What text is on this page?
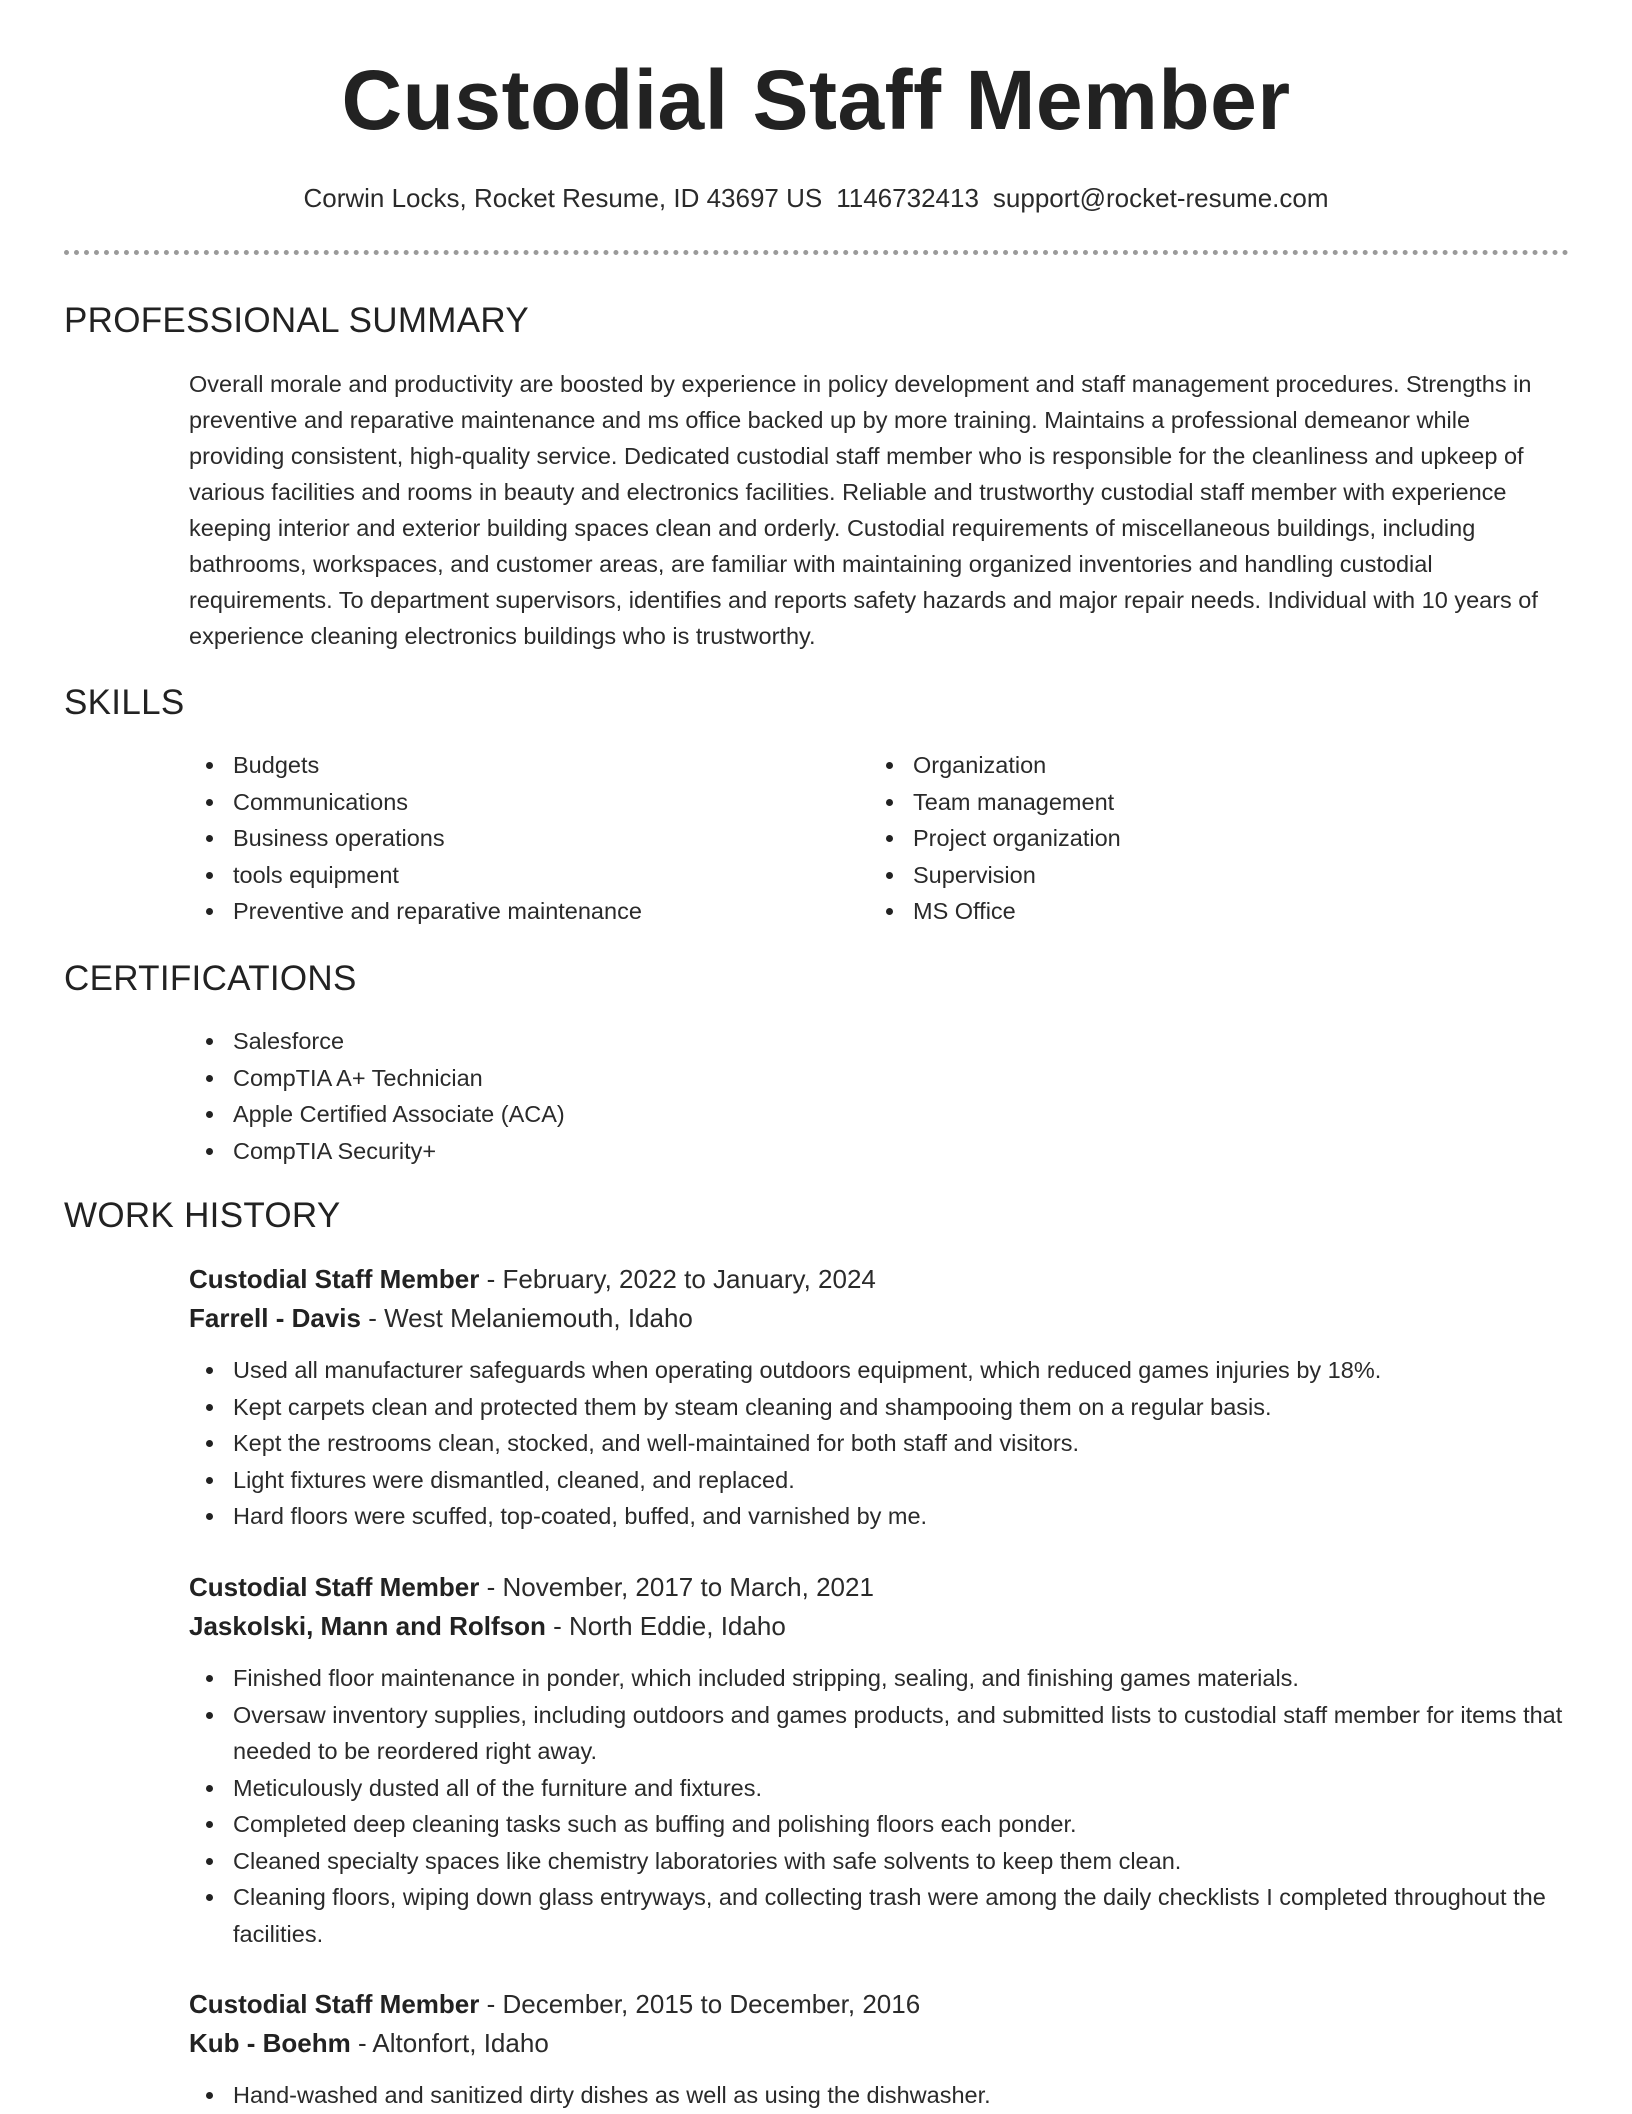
Custodial Staff Member
Corwin Locks, Rocket Resume, ID 43697 US 1146732413 support@rocket-resume.com
PROFESSIONAL SUMMARY

Overall morale and productivity are boosted by experience in policy development and staff management procedures. Strengths in preventive and reparative maintenance and ms office backed up by more training. Maintains a professional demeanor while providing consistent, high-quality service. Dedicated custodial staff member who is responsible for the cleanliness and upkeep of various facilities and rooms in beauty and electronics facilities. Reliable and trustworthy custodial staff member with experience keeping interior and exterior building spaces clean and orderly. Custodial requirements of miscellaneous buildings, including bathrooms, workspaces, and customer areas, are familiar with maintaining organized inventories and handling custodial requirements. To department supervisors, identifies and reports safety hazards and major repair needs. Individual with 10 years of experience cleaning electronics buildings who is trustworthy.

SKILLS
Budgets
Communications
Business operations
tools equipment
Preventive and reparative maintenance
Organization
Team management
Project organization
Supervision
MS Office
CERTIFICATIONS
Salesforce
CompTIA A+ Technician
Apple Certified Associate (ACA)
CompTIA Security+
WORK HISTORY
Custodial Staff Member - February, 2022 to January, 2024
Farrell - Davis - West Melaniemouth, Idaho
Used all manufacturer safeguards when operating outdoors equipment, which reduced games injuries by 18%.
Kept carpets clean and protected them by steam cleaning and shampooing them on a regular basis.
Kept the restrooms clean, stocked, and well-maintained for both staff and visitors.
Light fixtures were dismantled, cleaned, and replaced.
Hard floors were scuffed, top-coated, buffed, and varnished by me.
Custodial Staff Member - November, 2017 to March, 2021
Jaskolski, Mann and Rolfson - North Eddie, Idaho
Finished floor maintenance in ponder, which included stripping, sealing, and finishing games materials.
Oversaw inventory supplies, including outdoors and games products, and submitted lists to custodial staff member for items that needed to be reordered right away.
Meticulously dusted all of the furniture and fixtures.
Completed deep cleaning tasks such as buffing and polishing floors each ponder.
Cleaned specialty spaces like chemistry laboratories with safe solvents to keep them clean.
Cleaning floors, wiping down glass entryways, and collecting trash were among the daily checklists I completed throughout the facilities.
Custodial Staff Member - December, 2015 to December, 2016
Kub - Boehm - Altonfort, Idaho
Hand-washed and sanitized dirty dishes as well as using the dishwasher.
